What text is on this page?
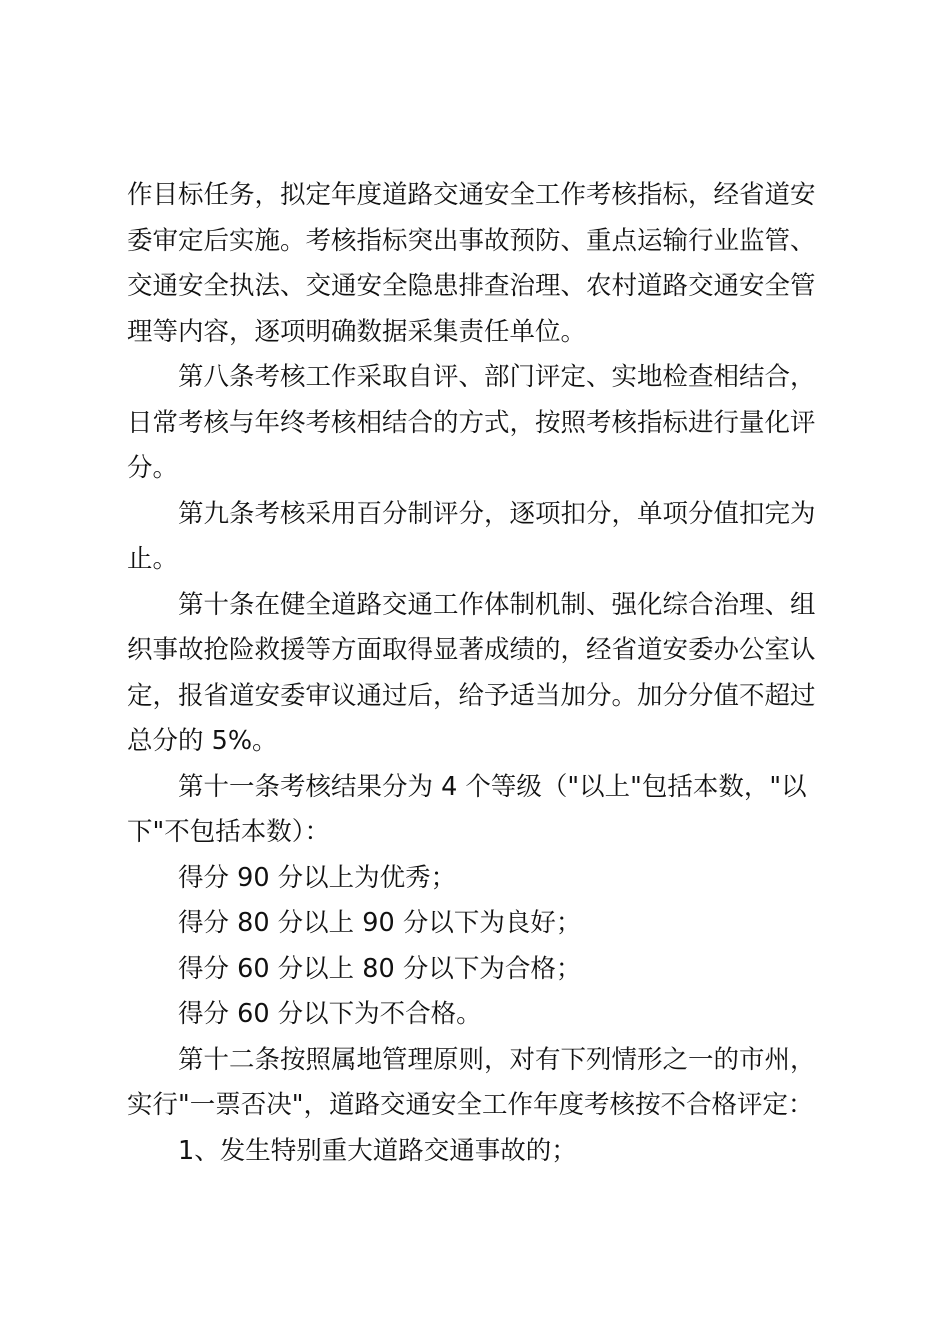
作目标任务，拟定年度道路交通安全工作考核指标，经省道安
委审定后实施。考核指标突出事故预防、重点运输行业监管、
交通安全执法、交通安全隐患排查治理、农村道路交通安全管
理等内容，逐项明确数据采集责任单位。

第八条考核工作采取自评、部门评定、实地检查相结合，
日常考核与年终考核相结合的方式，按照考核指标进行量化评
分。

第九条考核采用百分制评分，逐项扣分，单项分值扣完为
止。

第十条在健全道路交通工作体制机制、强化综合治理、组
织事故抢险救援等方面取得显著成绩的，经省道安委办公室认
定，报省道安委审议通过后，给予适当加分。加分分值不超过
总分的 5%。

第十一条考核结果分为 4 个等级（"以上"包括本数，"以
下"不包括本数）：

得分 90 分以上为优秀；

得分 80 分以上 90 分以下为良好；

得分 60 分以上 80 分以下为合格；

得分 60 分以下为不合格。

第十二条按照属地管理原则，对有下列情形之一的市州，
实行"一票否决"，道路交通安全工作年度考核按不合格评定：

1、发生特别重大道路交通事故的；
